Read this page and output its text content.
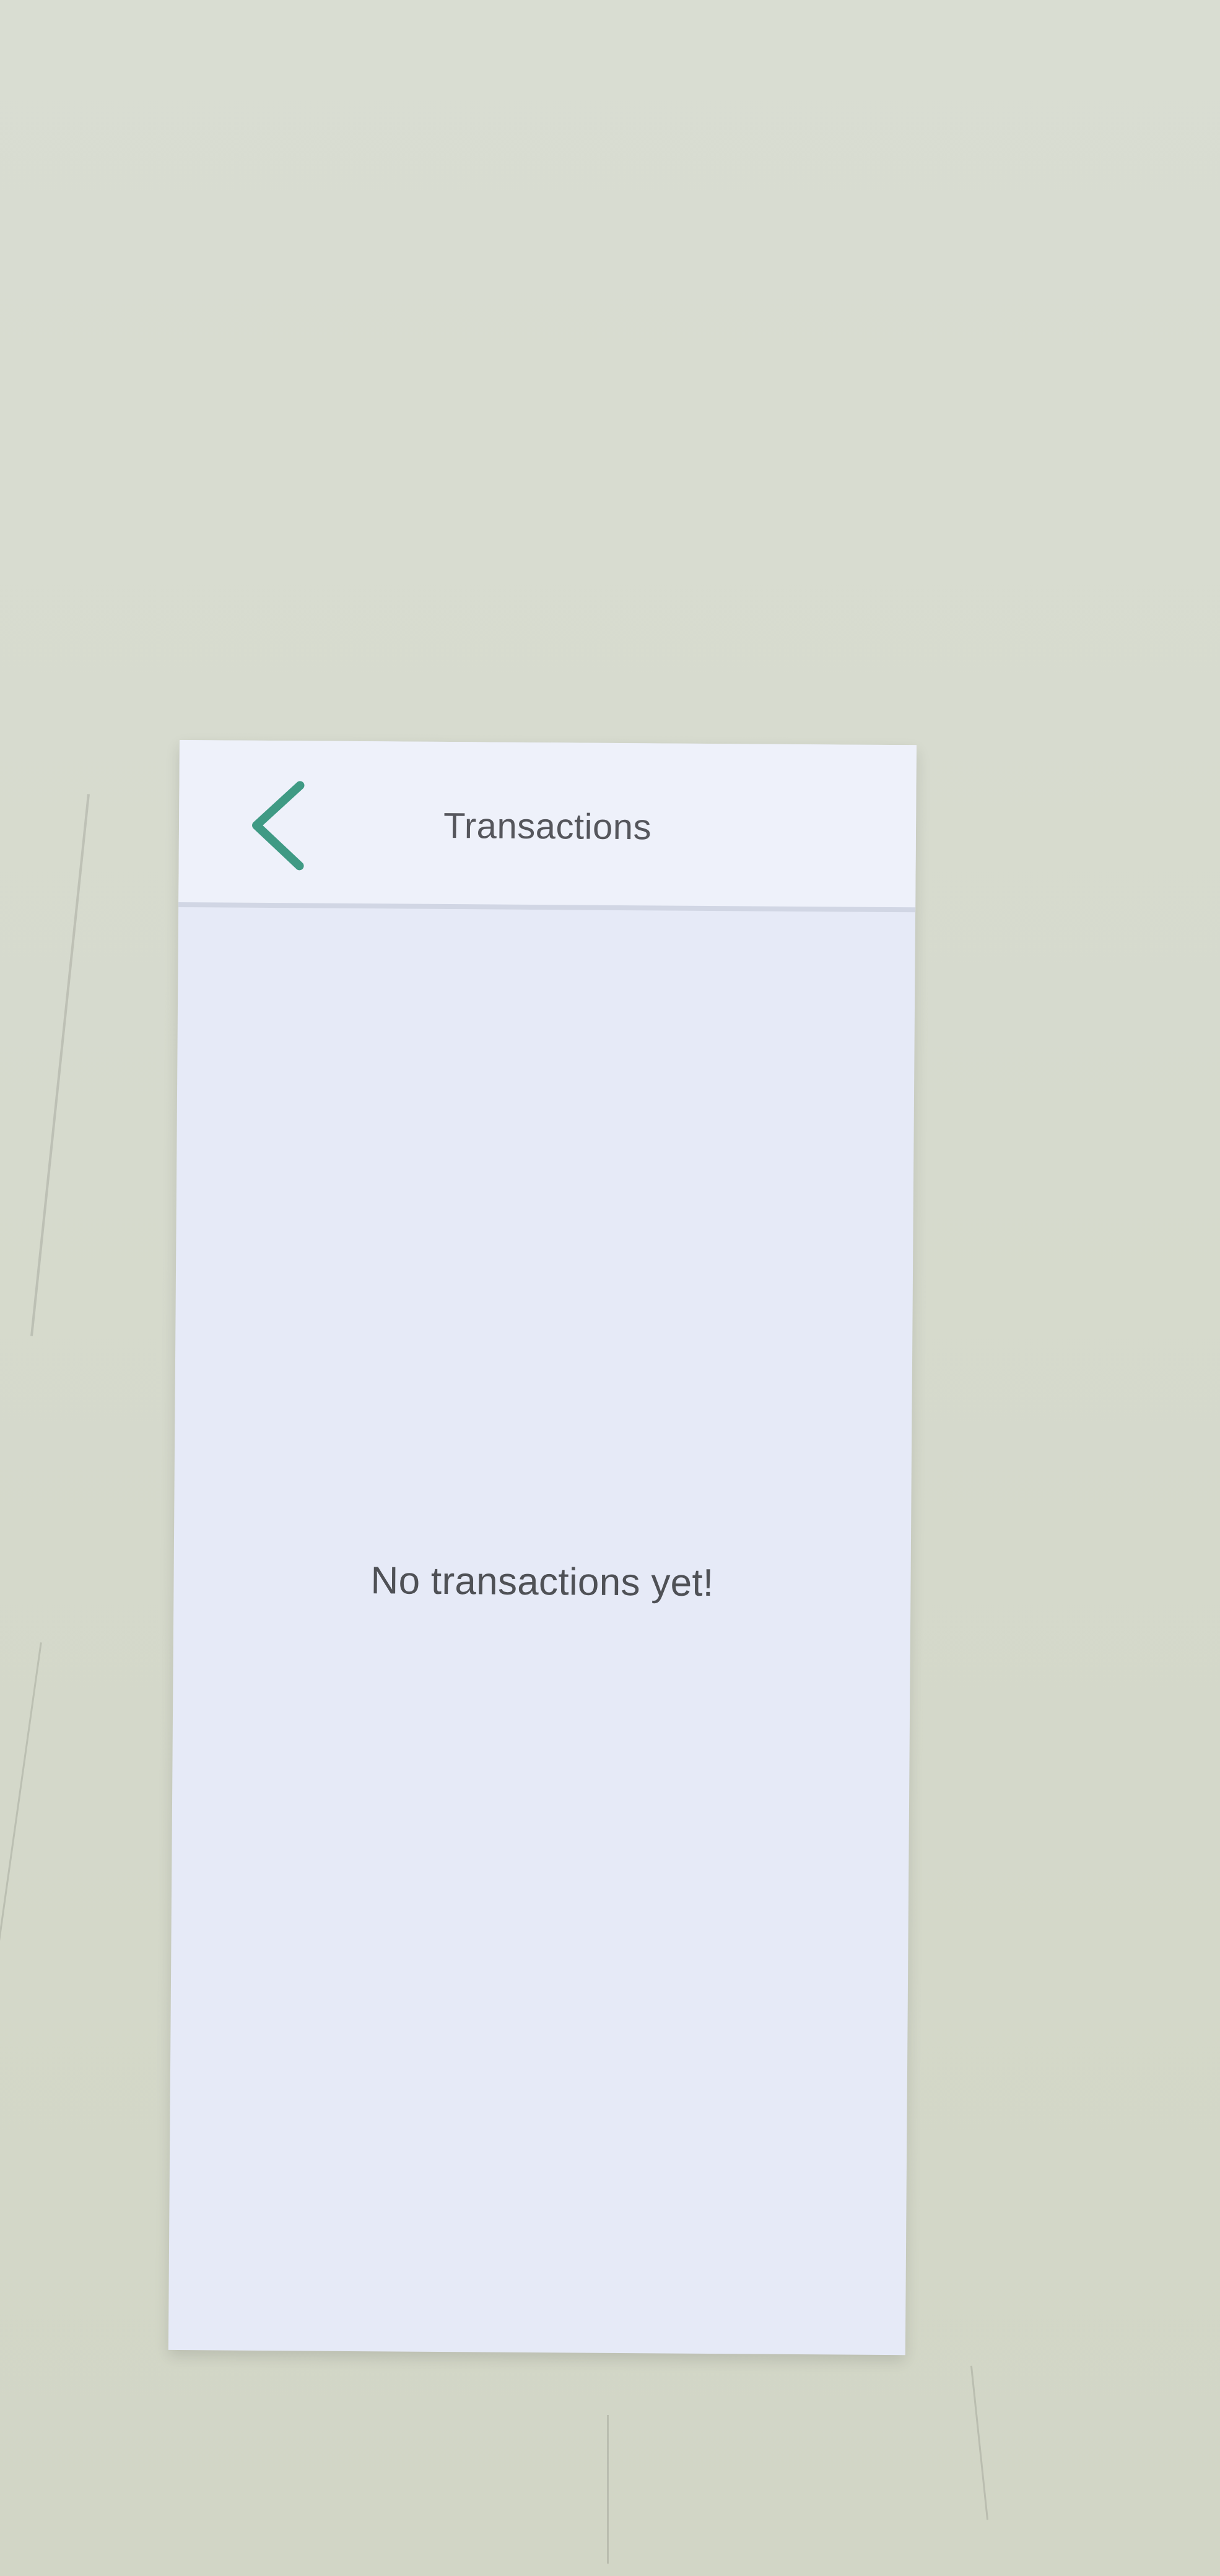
Transactions
No transactions yet!
